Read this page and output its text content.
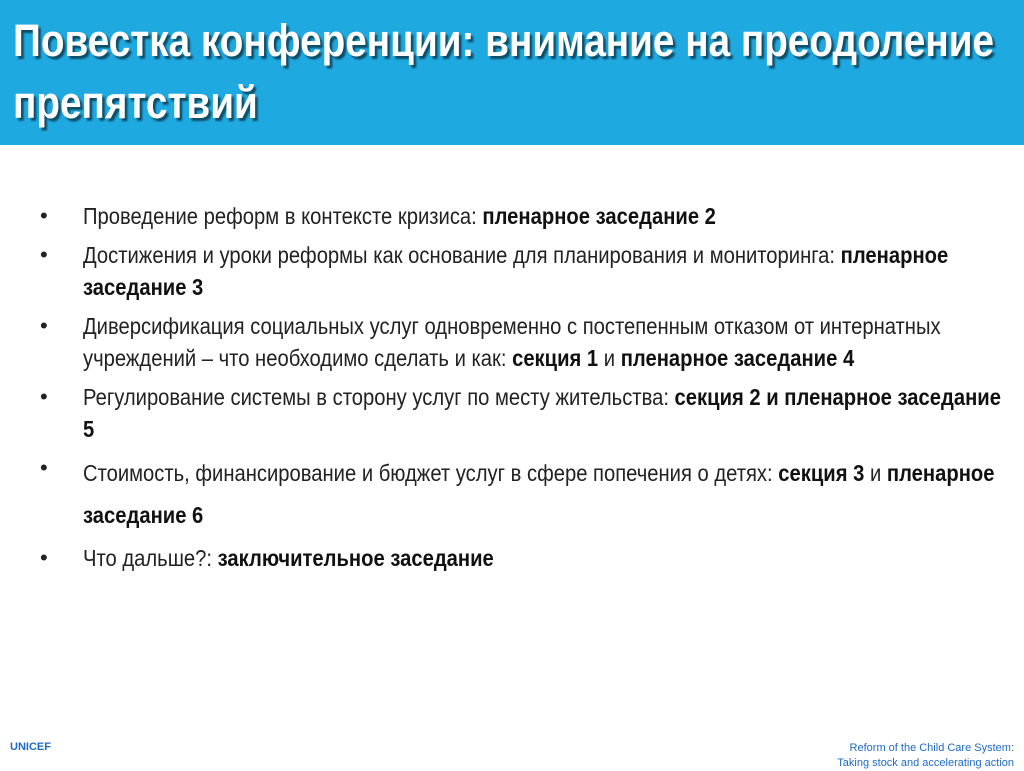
Повестка конференции: внимание на преодоление препятствий
•	Проведение реформ в контексте кризиса: пленарное заседание 2
•	Достижения и уроки реформы как основание для планирования и мониторинга: пленарное заседание 3
•	Диверсификация социальных услуг одновременно с постепенным отказом от интернатных учреждений – что необходимо сделать и как: секция 1 и пленарное заседание 4
•	Регулирование системы в сторону услуг по месту жительства: секция 2 и пленарное заседание 5
•	Стоимость, финансирование и бюджет услуг в сфере попечения о детях: секция 3 и пленарное заседание 6
•	Что дальше?: заключительное заседание
UNICEF	Reform of the Child Care System:
Taking stock and accelerating action
